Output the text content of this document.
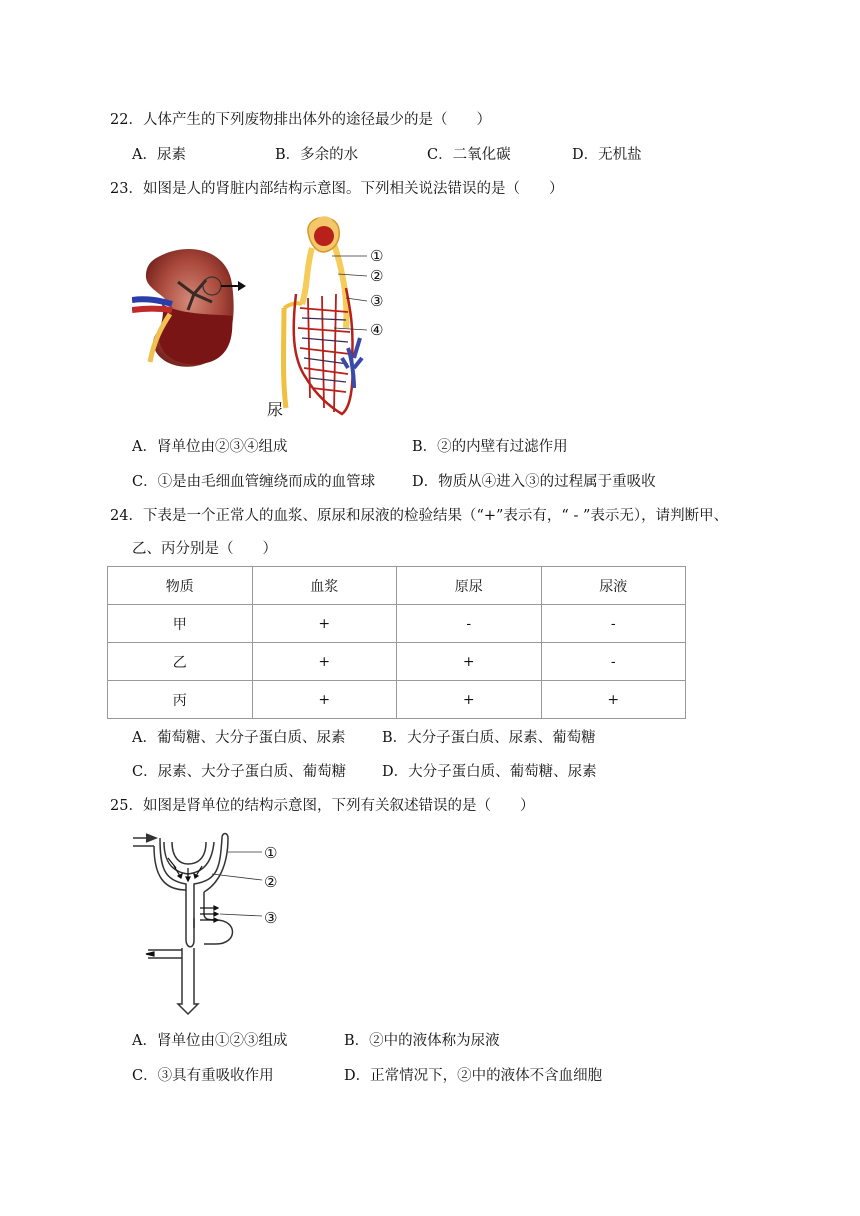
22．人体产生的下列废物排出体外的途径最少的是（　　）
A．尿素	B．多余的水	C．二氧化碳	D．无机盐
23．如图是人的肾脏内部结构示意图。下列相关说法错误的是（　　）
①
②
③
④
尿
A．肾单位由②③④组成	B．②的内壁有过滤作用
C．①是由毛细血管缠绕而成的血管球	D．物质从④进入③的过程属于重吸收
24．下表是一个正常人的血浆、原尿和尿液的检验结果（“+”表示有，“ - ”表示无），请判断甲、
乙、丙分别是（　　）
物质	血浆	原尿	尿液
甲	+	-	-
乙	+	+	-
丙	+	+	+
A．葡萄糖、大分子蛋白质、尿素	B．大分子蛋白质、尿素、葡萄糖
C．尿素、大分子蛋白质、葡萄糖 D．大分子蛋白质、葡萄糖、尿素
25．如图是肾单位的结构示意图，下列有关叙述错误的是（　　）
①
②
③
A．肾单位由①②③组成	B．②中的液体称为尿液
C．③具有重吸收作用	D．正常情况下，②中的液体不含血细胞
